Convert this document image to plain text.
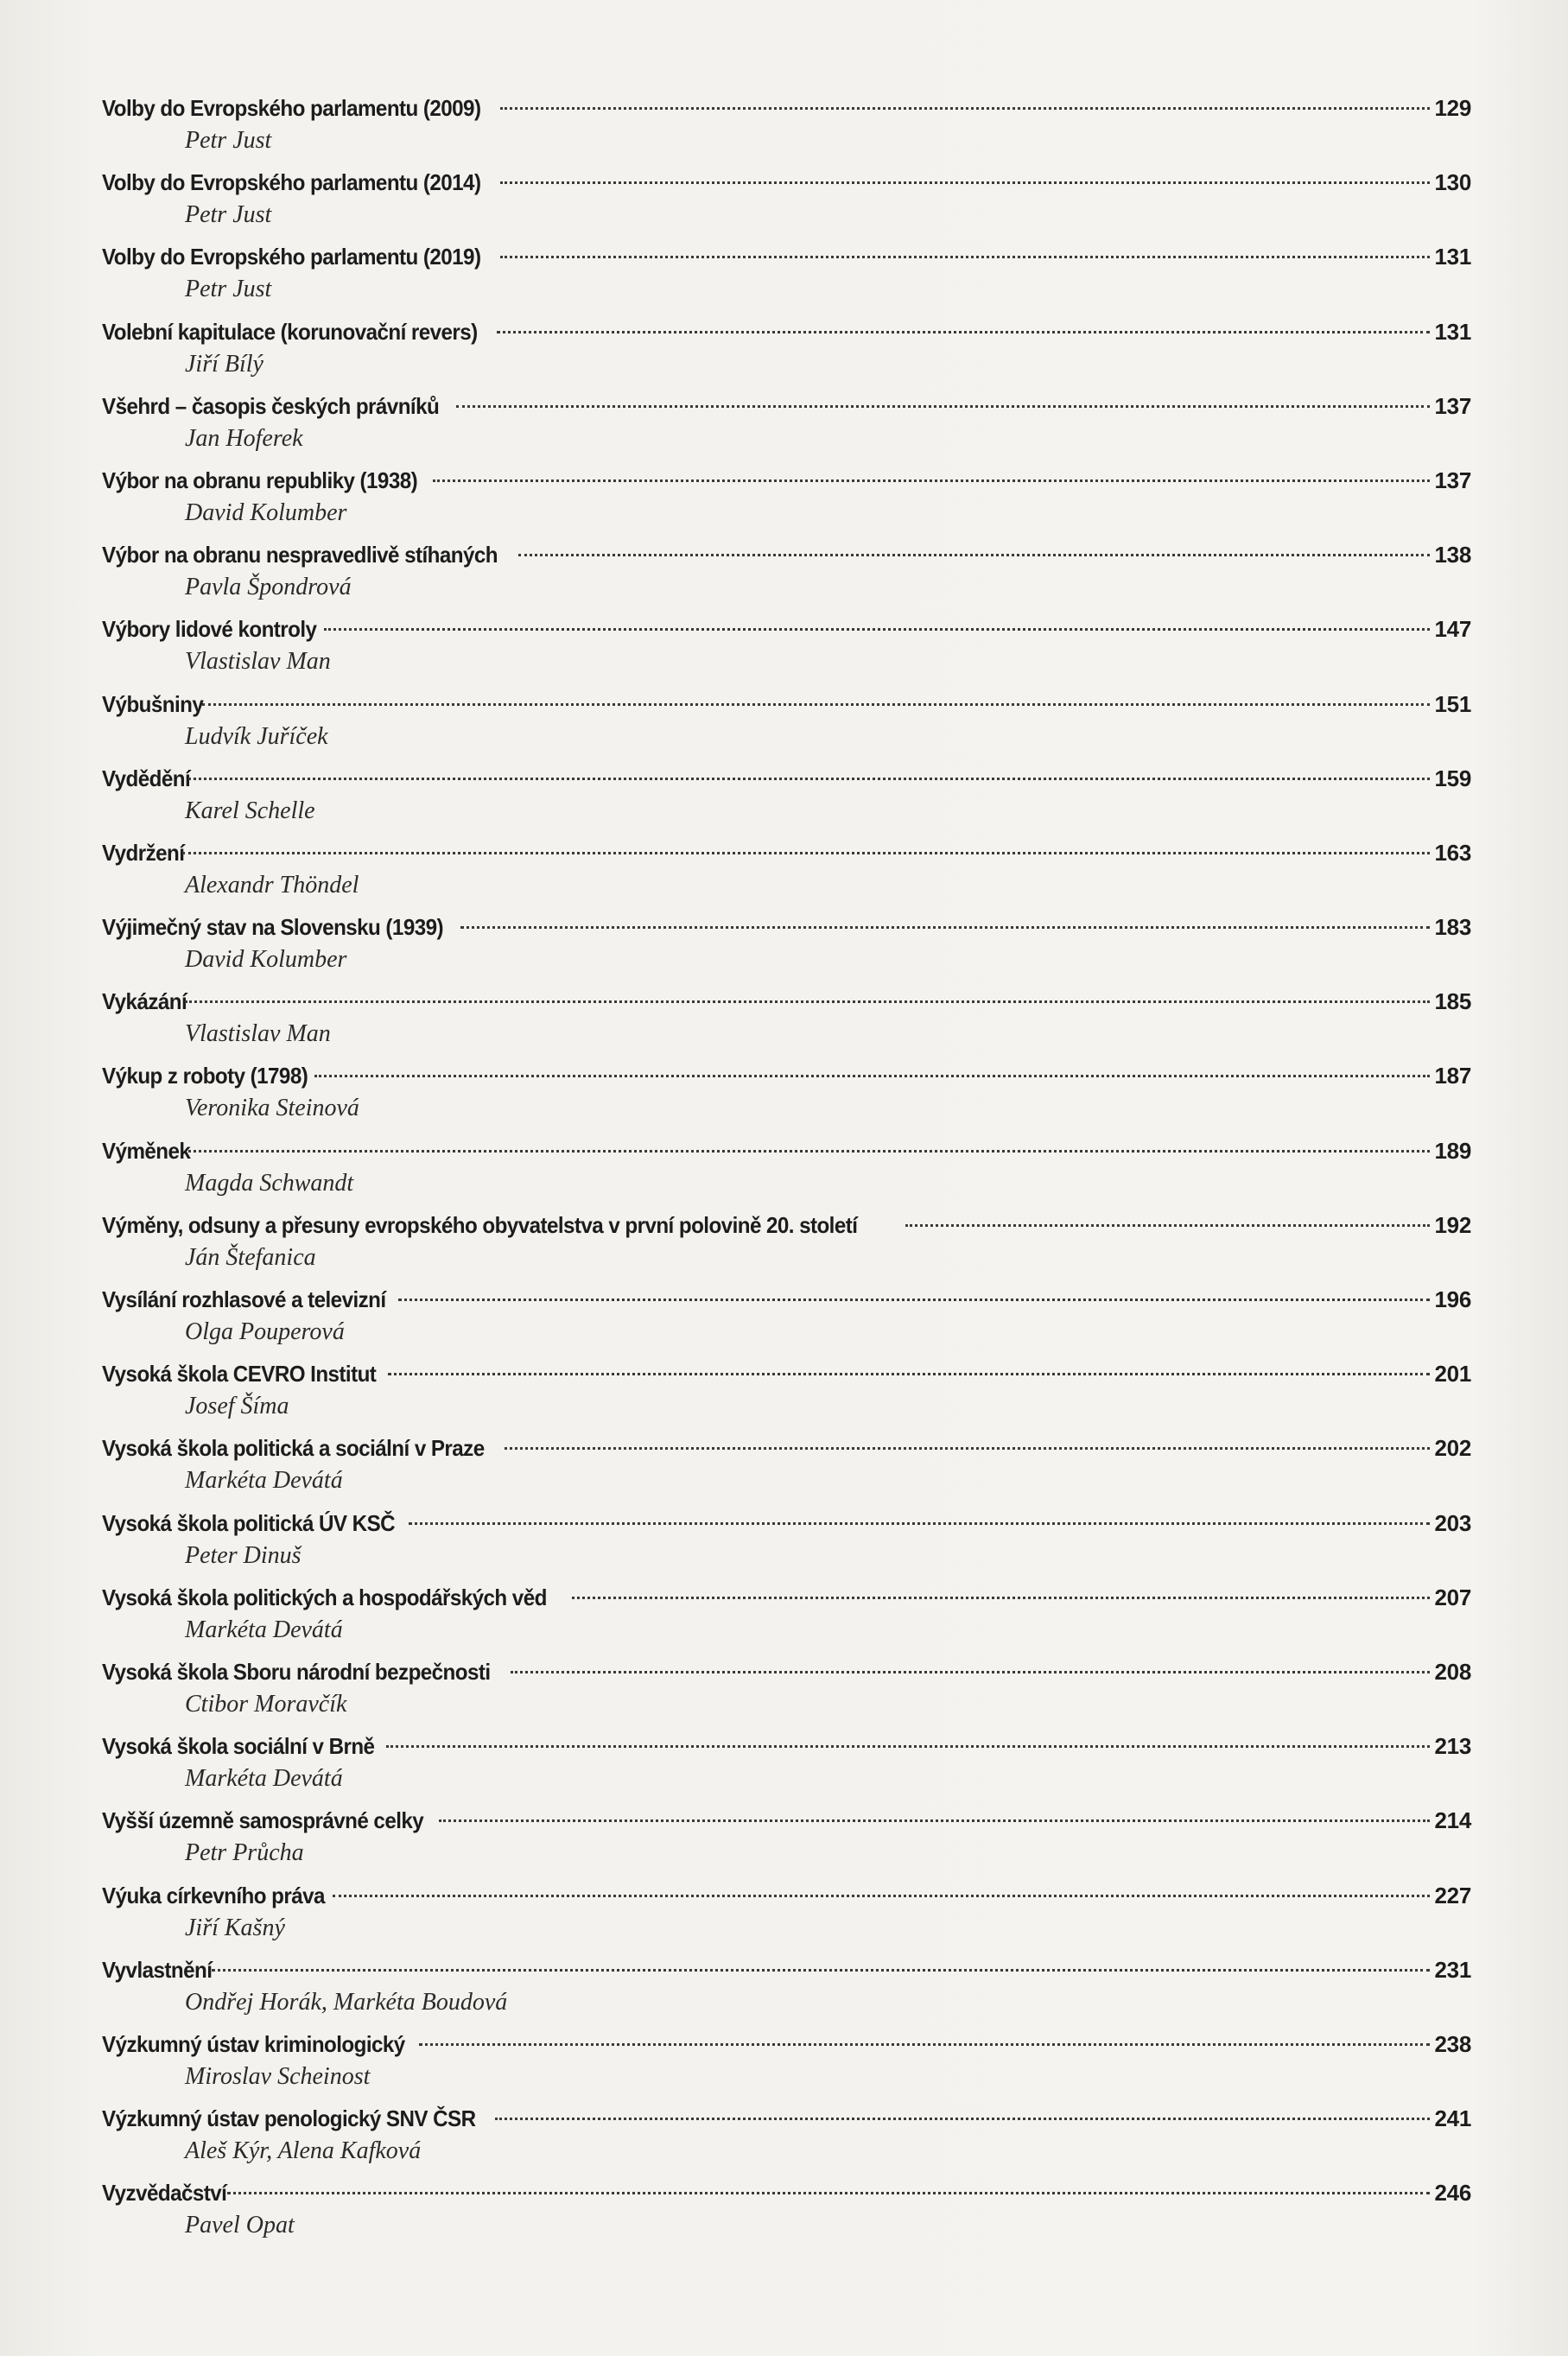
Volby do Evropského parlamentu (2009)	129
Petr Just
Volby do Evropského parlamentu (2014)	130
Petr Just
Volby do Evropského parlamentu (2019)	131
Petr Just
Volební kapitulace (korunovační revers)	131
Jiří Bílý
Všehrd – časopis českých právníků	137
Jan Hoferek
Výbor na obranu republiky (1938)	137
David Kolumber
Výbor na obranu nespravedlivě stíhaných	138
Pavla Špondrová
Výbory lidové kontroly	147
Vlastislav Man
Výbušniny	151
Ludvík Juříček
Vydědění	159
Karel Schelle
Vydržení	163
Alexandr Thöndel
Výjimečný stav na Slovensku (1939)	183
David Kolumber
Vykázání	185
Vlastislav Man
Výkup z roboty (1798)	187
Veronika Steinová
Výměnek	189
Magda Schwandt
Výměny, odsuny a přesuny evropského obyvatelstva v první polovině 20. století	192
Ján Štefanica
Vysílání rozhlasové a televizní	196
Olga Pouperová
Vysoká škola CEVRO Institut	201
Josef Šíma
Vysoká škola politická a sociální v Praze	202
Markéta Devátá
Vysoká škola politická ÚV KSČ	203
Peter Dinuš
Vysoká škola politických a hospodářských věd	207
Markéta Devátá
Vysoká škola Sboru národní bezpečnosti	208
Ctibor Moravčík
Vysoká škola sociální v Brně	213
Markéta Devátá
Vyšší územně samosprávné celky	214
Petr Průcha
Výuka církevního práva	227
Jiří Kašný
Vyvlastnění	231
Ondřej Horák, Markéta Boudová
Výzkumný ústav kriminologický	238
Miroslav Scheinost
Výzkumný ústav penologický SNV ČSR	241
Aleš Kýr, Alena Kafková
Vyzvědačství	246
Pavel Opat
